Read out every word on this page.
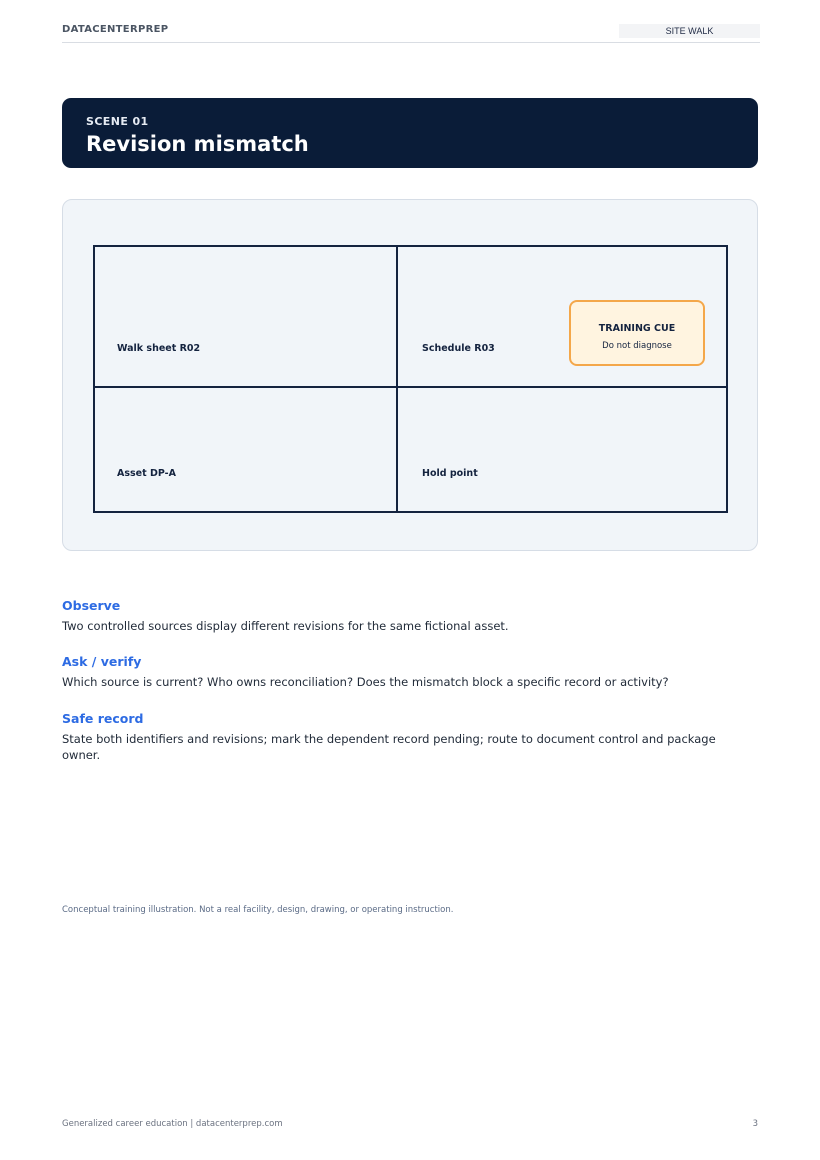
DATACENTERPREP	SITE WALK
SCENE 01
Revision mismatch
Walk sheet R02	Schedule R03
Asset DP-A	Hold point
TRAINING CUE
Do not diagnose
Observe
Two controlled sources display different revisions for the same fictional asset.
Ask / verify
Which source is current? Who owns reconciliation? Does the mismatch block a specific record or activity?
Safe record
State both identifiers and revisions; mark the dependent record pending; route to document control and package owner.
Conceptual training illustration. Not a real facility, design, drawing, or operating instruction.
Generalized career education | datacenterprep.com	3
